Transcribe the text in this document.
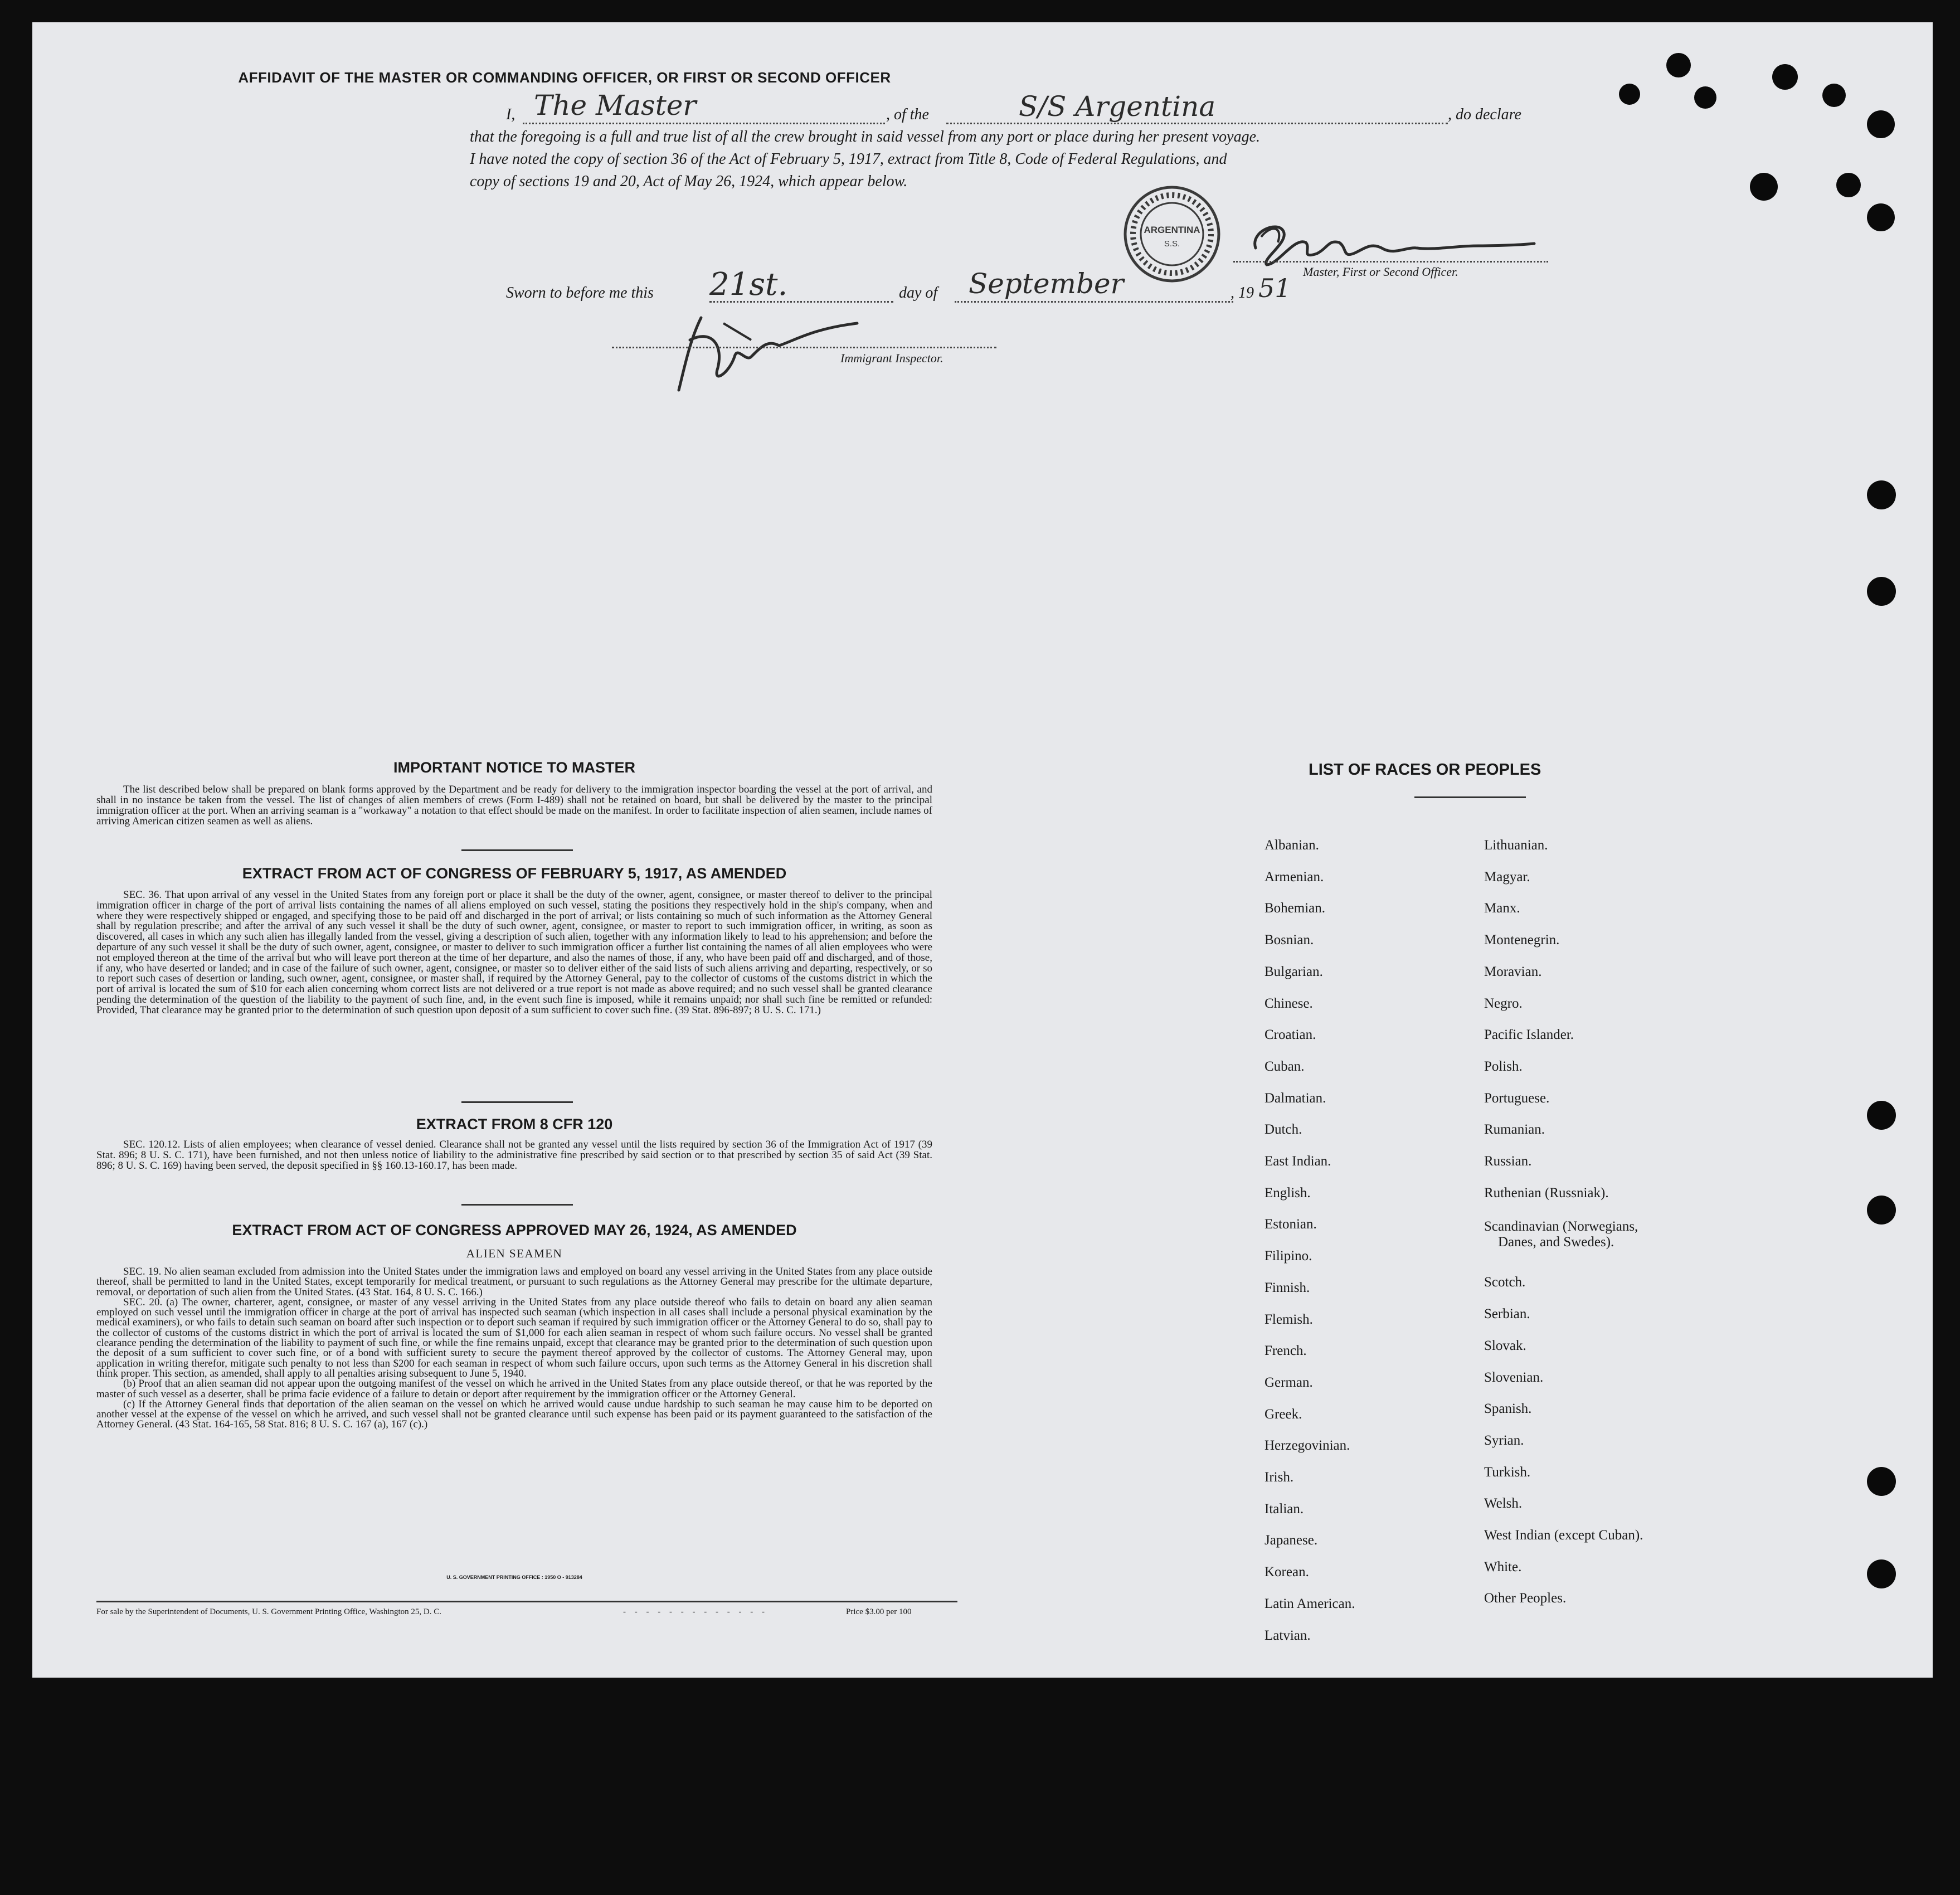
AFFIDAVIT OF THE MASTER OR COMMANDING OFFICER, OR FIRST OR SECOND OFFICER
I, The Master	, of the	S/S Argentina	, do declare
that the foregoing is a full and true list of all the crew brought in said vessel from any port or place during her present voyage.
I have noted the copy of section 36 of the Act of February 5, 1917, extract from Title 8, Code of Federal Regulations, and
copy of sections 19 and 20, Act of May 26, 1924, which appear below.
ARGENTINA
S.S.
Master, First or Second Officer.
Sworn to before me this 21st.	day of September	, 19 51
Immigrant Inspector.
IMPORTANT NOTICE TO MASTER

The list described below shall be prepared on blank forms approved by the Department and be ready for delivery to the immigration inspector boarding the vessel at the port of arrival, and shall in no instance be taken from the vessel. The list of changes of alien members of crews (Form I-489) shall not be retained on board, but shall be delivered by the master to the principal immigration officer at the port. When an arriving seaman is a "workaway" a notation to that effect should be made on the manifest. In order to facilitate inspection of alien seamen, include names of arriving American citizen seamen as well as aliens.

EXTRACT FROM ACT OF CONGRESS OF FEBRUARY 5, 1917, AS AMENDED

SEC. 36. That upon arrival of any vessel in the United States from any foreign port or place it shall be the duty of the owner, agent, consignee, or master thereof to deliver to the principal immigration officer in charge of the port of arrival lists containing the names of all aliens employed on such vessel, stating the positions they respectively hold in the ship's company, when and where they were respectively shipped or engaged, and specifying those to be paid off and discharged in the port of arrival; or lists containing so much of such information as the Attorney General shall by regulation prescribe; and after the arrival of any such vessel it shall be the duty of such owner, agent, consignee, or master to report to such immigration officer, in writing, as soon as discovered, all cases in which any such alien has illegally landed from the vessel, giving a description of such alien, together with any information likely to lead to his apprehension; and before the departure of any such vessel it shall be the duty of such owner, agent, consignee, or master to deliver to such immigration officer a further list containing the names of all alien employees who were not employed thereon at the time of the arrival but who will leave port thereon at the time of her departure, and also the names of those, if any, who have been paid off and discharged, and of those, if any, who have deserted or landed; and in case of the failure of such owner, agent, consignee, or master so to deliver either of the said lists of such aliens arriving and departing, respectively, or so to report such cases of desertion or landing, such owner, agent, consignee, or master shall, if required by the Attorney General, pay to the collector of customs of the customs district in which the port of arrival is located the sum of $10 for each alien concerning whom correct lists are not delivered or a true report is not made as above required; and no such vessel shall be granted clearance pending the determination of the question of the liability to the payment of such fine, and, in the event such fine is imposed, while it remains unpaid; nor shall such fine be remitted or refunded: Provided, That clearance may be granted prior to the determination of such question upon deposit of a sum sufficient to cover such fine. (39 Stat. 896-897; 8 U. S. C. 171.)

EXTRACT FROM 8 CFR 120

SEC. 120.12. Lists of alien employees; when clearance of vessel denied. Clearance shall not be granted any vessel until the lists required by section 36 of the Immigration Act of 1917 (39 Stat. 896; 8 U. S. C. 171), have been furnished, and not then unless notice of liability to the administrative fine prescribed by said section or to that prescribed by section 35 of said Act (39 Stat. 896; 8 U. S. C. 169) having been served, the deposit specified in §§ 160.13-160.17, has been made.

EXTRACT FROM ACT OF CONGRESS APPROVED MAY 26, 1924, AS AMENDED
ALIEN SEAMEN

SEC. 19. No alien seaman excluded from admission into the United States under the immigration laws and employed on board any vessel arriving in the United States from any place outside thereof, shall be permitted to land in the United States, except temporarily for medical treatment, or pursuant to such regulations as the Attorney General may prescribe for the ultimate departure, removal, or deportation of such alien from the United States. (43 Stat. 164, 8 U. S. C. 166.)

SEC. 20. (a) The owner, charterer, agent, consignee, or master of any vessel arriving in the United States from any place outside thereof who fails to detain on board any alien seaman employed on such vessel until the immigration officer in charge at the port of arrival has inspected such seaman (which inspection in all cases shall include a personal physical examination by the medical examiners), or who fails to detain such seaman on board after such inspection or to deport such seaman if required by such immigration officer or the Attorney General to do so, shall pay to the collector of customs of the customs district in which the port of arrival is located the sum of $1,000 for each alien seaman in respect of whom such failure occurs. No vessel shall be granted clearance pending the determination of the liability to payment of such fine, or while the fine remains unpaid, except that clearance may be granted prior to the determination of such question upon the deposit of a sum sufficient to cover such fine, or of a bond with sufficient surety to secure the payment thereof approved by the collector of customs. The Attorney General may, upon application in writing therefor, mitigate such penalty to not less than $200 for each seaman in respect of whom such failure occurs, upon such terms as the Attorney General in his discretion shall think proper. This section, as amended, shall apply to all penalties arising subsequent to June 5, 1940.

(b) Proof that an alien seaman did not appear upon the outgoing manifest of the vessel on which he arrived in the United States from any place outside thereof, or that he was reported by the master of such vessel as a deserter, shall be prima facie evidence of a failure to detain or deport after requirement by the immigration officer or the Attorney General.

(c) If the Attorney General finds that deportation of the alien seaman on the vessel on which he arrived would cause undue hardship to such seaman he may cause him to be deported on another vessel at the expense of the vessel on which he arrived, and such vessel shall not be granted clearance until such expense has been paid or its payment guaranteed to the satisfaction of the Attorney General. (43 Stat. 164-165, 58 Stat. 816; 8 U. S. C. 167 (a), 167 (c).)

U. S. GOVERNMENT PRINTING OFFICE : 1950 O - 913284
For sale by the Superintendent of Documents, U. S. Government Printing Office, Washington 25, D. C.	- - - - - - - - - - - - -	Price $3.00 per 100
LIST OF RACES OR PEOPLES
Albanian.
Armenian.
Bohemian.
Bosnian.
Bulgarian.
Chinese.
Croatian.
Cuban.
Dalmatian.
Dutch.
East Indian.
English.
Estonian.
Filipino.
Finnish.
Flemish.
French.
German.
Greek.
Herzegovinian.
Irish.
Italian.
Japanese.
Korean.
Latin American.
Latvian.
Lithuanian.
Magyar.
Manx.
Montenegrin.
Moravian.
Negro.
Pacific Islander.
Polish.
Portuguese.
Rumanian.
Russian.
Ruthenian (Russniak).
Scandinavian (Norwegians,
Danes, and Swedes).
Scotch.
Serbian.
Slovak.
Slovenian.
Spanish.
Syrian.
Turkish.
Welsh.
West Indian (except Cuban).
White.
Other Peoples.
